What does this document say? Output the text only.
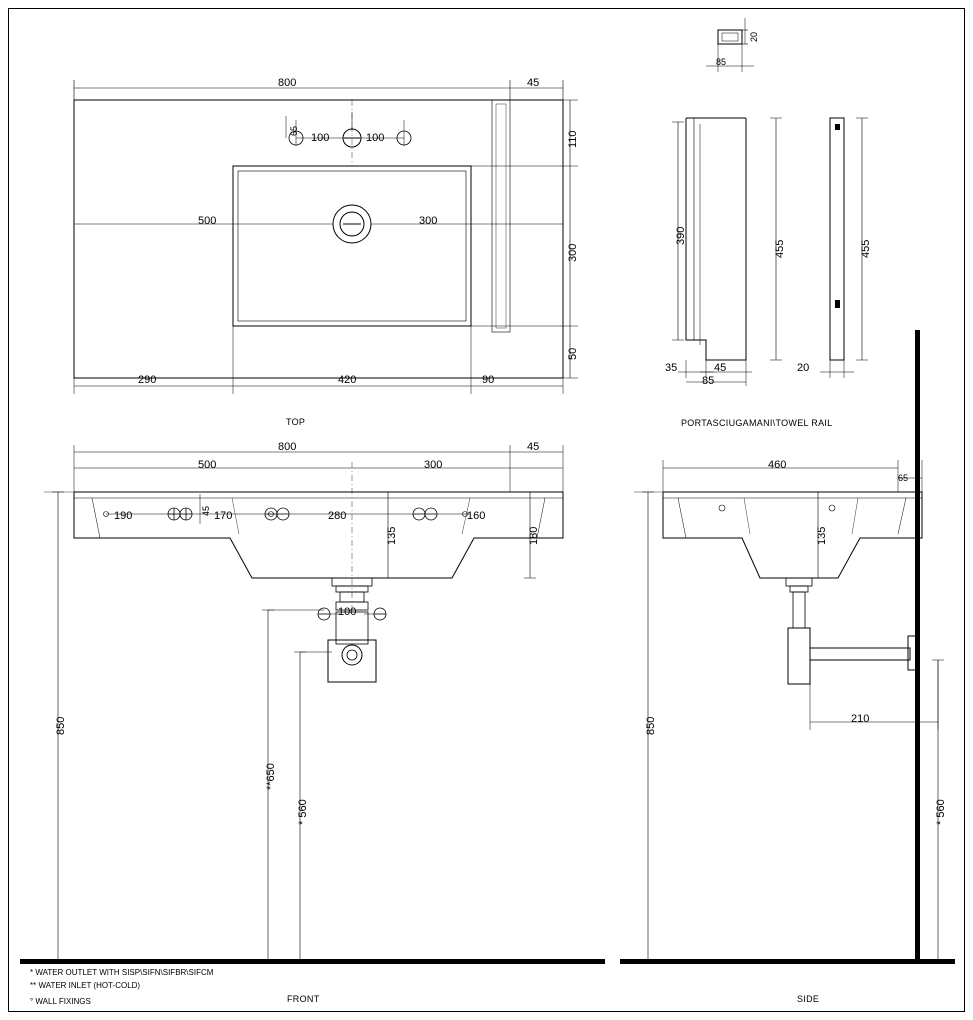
800	45
65
100	100	110
300
50
500	300
290	420	90
TOP
20
85
390
455	455
35	45
85
20
PORTASCIUGAMANI\TOWEL RAIL
800	45
500	300
190	45 170	280	160
135	180
100
850
**650
* 560
FRONT
460
65
135
850	210
* 560
SIDE
* WATER OUTLET WITH SISP\SIFN\SIFBR\SIFCM
** WATER INLET (HOT-COLD)
° WALL FIXINGS
